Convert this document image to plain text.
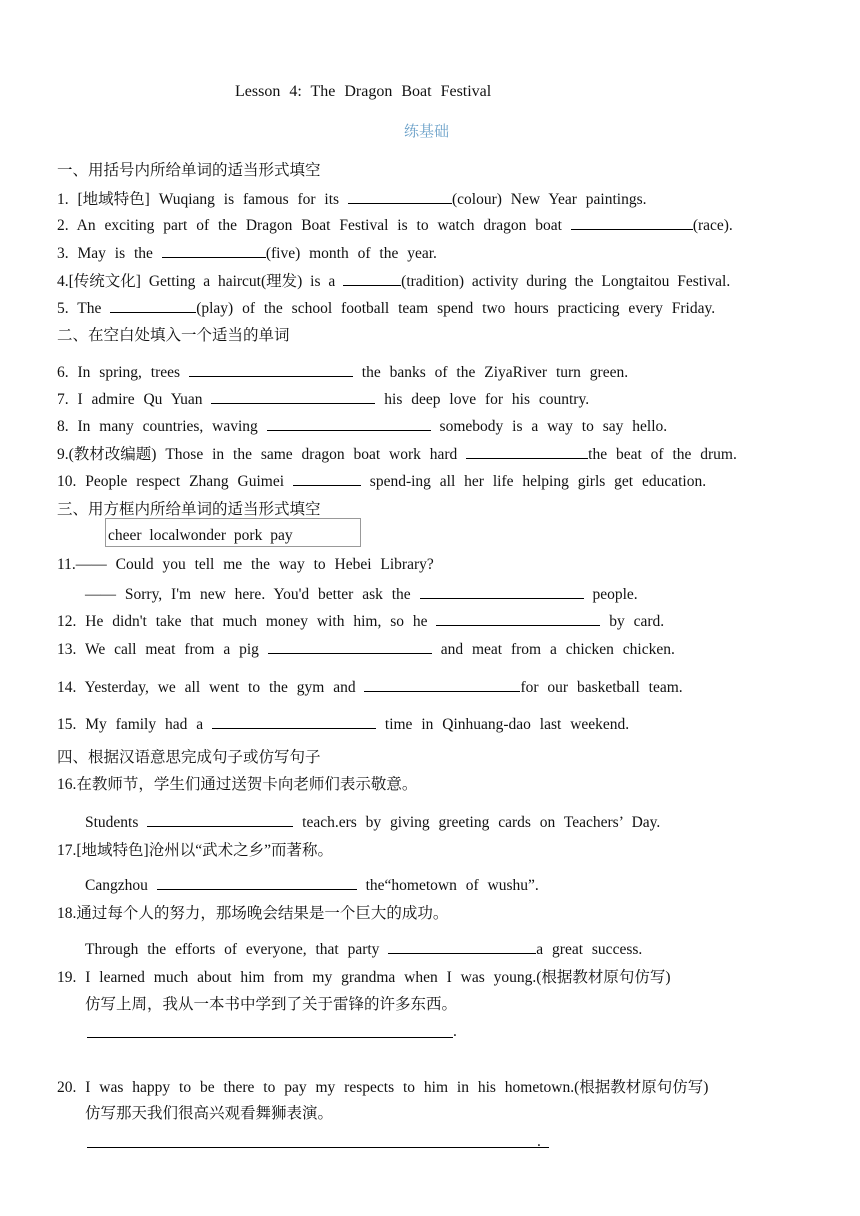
Lesson 4: The Dragon Boat Festival
练基础
一、用括号内所给单词的适当形式填空
1. [地域特色] Wuqiang is famous for its	(colour) New Year paintings.
2. An exciting part of the Dragon Boat Festival is to watch dragon boat	(race).
3. May is the	(five) month of the year.
4.[传统文化] Getting a haircut(理发) is a	(tradition) activity during the Longtaitou Festival.
5. The	(play) of the school football team spend two hours practicing every Friday.
二、在空白处填入一个适当的单词
6. In spring, trees	the banks of the ZiyaRiver turn green.
7. I admire Qu Yuan	his deep love for his country.
8. In many countries, waving	somebody is a way to say hello.
9.(教材改编题) Those in the same dragon boat work hard	the beat of the drum.
10. People respect Zhang Guimei	spend-ing all her life helping girls get education.
三、用方框内所给单词的适当形式填空
cheer localwonder pork pay
11.—— Could you tell me the way to Hebei Library?
—— Sorry, I'm new here. You'd better ask the	people.
12. He didn't take that much money with him, so he	by card.
13. We call meat from a pig	and meat from a chicken chicken.
14. Yesterday, we all went to the gym and	for our basketball team.
15. My family had a	time in Qinhuang-dao last weekend.
四、根据汉语意思完成句子或仿写句子
16.在教师节，学生们通过送贺卡向老师们表示敬意。
Students	teach.ers by giving greeting cards on Teachers’ Day.
17.[地域特色]沧州以“武术之乡”而著称。
Cangzhou	the“hometown of wushu”.
18.通过每个人的努力，那场晚会结果是一个巨大的成功。
Through the efforts of everyone, that party	a great success.
19. I learned much about him from my grandma when I was young.(根据教材原句仿写)
仿写上周，我从一本书中学到了关于雷锋的许多东西。
.
20. I was happy to be there to pay my respects to him in his hometown.(根据教材原句仿写)
仿写那天我们很高兴观看舞狮表演。
.
